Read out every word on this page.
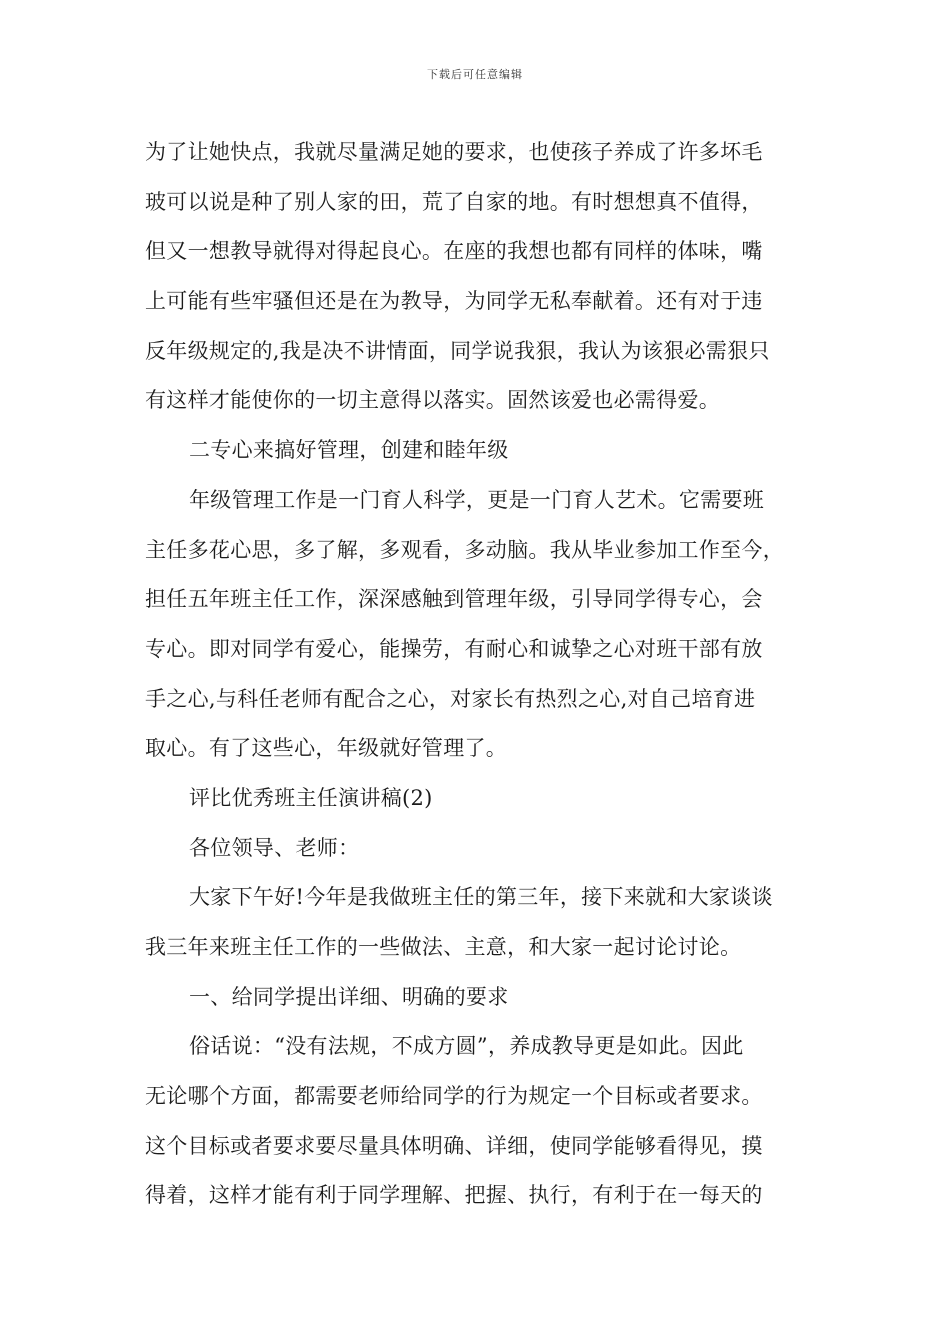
下载后可任意编辑
为了让她快点，我就尽量满足她的要求，也使孩子养成了许多坏毛
玻可以说是种了别人家的田，荒了自家的地。有时想想真不值得，
但又一想教导就得对得起良心。在座的我想也都有同样的体味，嘴
上可能有些牢骚但还是在为教导，为同学无私奉献着。还有对于违
反年级规定的,我是决不讲情面，同学说我狠，我认为该狠必需狠只
有这样才能使你的一切主意得以落实。固然该爱也必需得爱。
二专心来搞好管理，创建和睦年级
年级管理工作是一门育人科学，更是一门育人艺术。它需要班
主任多花心思，多了解，多观看，多动脑。我从毕业参加工作至今，
担任五年班主任工作，深深感触到管理年级，引导同学得专心，会
专心。即对同学有爱心，能操劳，有耐心和诚挚之心对班干部有放
手之心,与科任老师有配合之心，对家长有热烈之心,对自己培育进
取心。有了这些心，年级就好管理了。
评比优秀班主任演讲稿(2)
各位领导、老师：
大家下午好!今年是我做班主任的第三年，接下来就和大家谈谈
我三年来班主任工作的一些做法、主意，和大家一起讨论讨论。
一、给同学提出详细、明确的要求
俗话说：“没有法规，不成方圆”，养成教导更是如此。因此
无论哪个方面，都需要老师给同学的行为规定一个目标或者要求。
这个目标或者要求要尽量具体明确、详细，使同学能够看得见，摸
得着，这样才能有利于同学理解、把握、执行，有利于在一每天的
